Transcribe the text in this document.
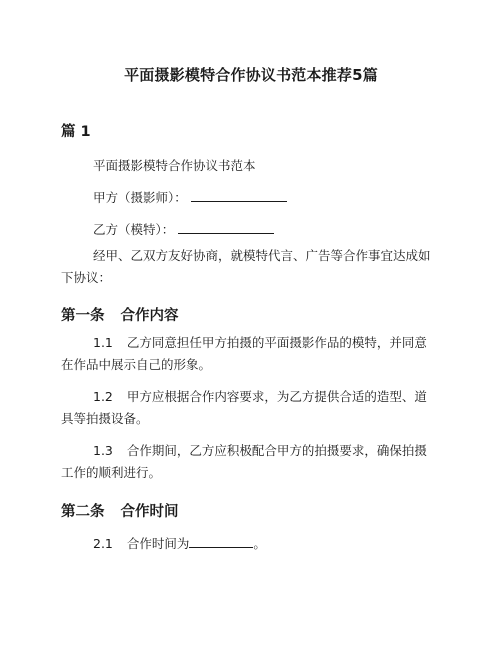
平面摄影模特合作协议书范本推荐5篇
篇 1

平面摄影模特合作协议书范本

甲方（摄影师）：

乙方（模特）：

经甲、乙双方友好协商，就模特代言、广告等合作事宜达成如下协议：

第一条 合作内容

1.1 乙方同意担任甲方拍摄的平面摄影作品的模特，并同意在作品中展示自己的形象。

1.2 甲方应根据合作内容要求，为乙方提供合适的造型、道具等拍摄设备。

1.3 合作期间，乙方应积极配合甲方的拍摄要求，确保拍摄工作的顺利进行。

第二条 合作时间

2.1 合作时间为	。
